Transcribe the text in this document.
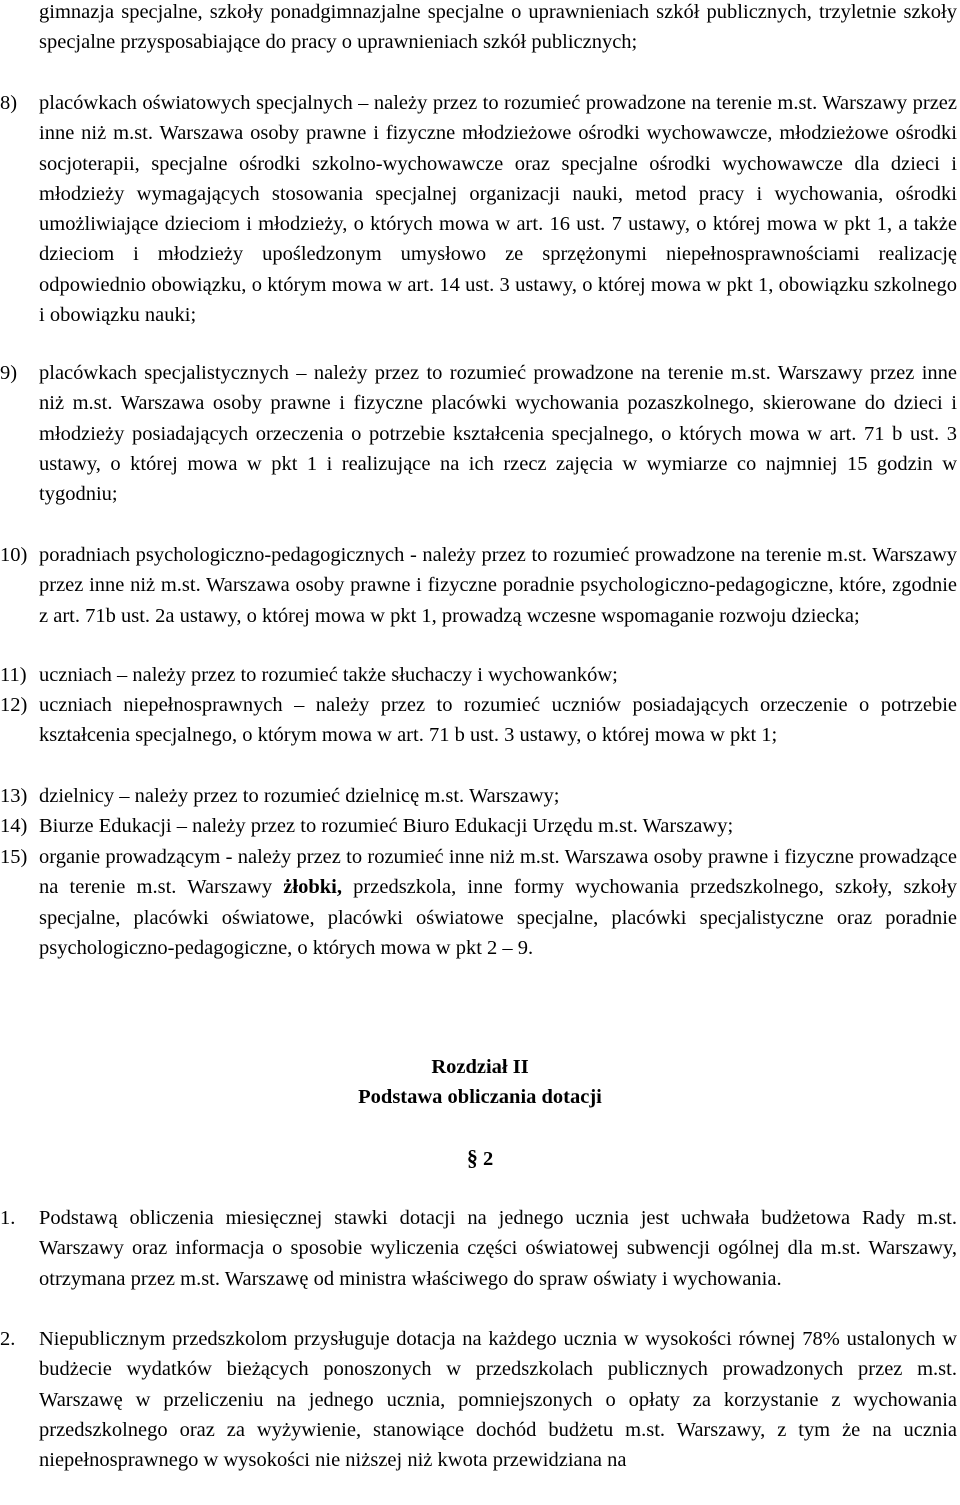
gimnazja specjalne, szkoły ponadgimnazjalne specjalne o uprawnieniach szkół publicznych, trzyletnie szkoły specjalne przysposabiające do pracy o uprawnieniach szkół publicznych;
8) placówkach oświatowych specjalnych – należy przez to rozumieć prowadzone na terenie m.st. Warszawy przez inne niż m.st. Warszawa osoby prawne i fizyczne młodzieżowe ośrodki wychowawcze, młodzieżowe ośrodki socjoterapii, specjalne ośrodki szkolno-wychowawcze oraz specjalne ośrodki wychowawcze dla dzieci i młodzieży wymagających stosowania specjalnej organizacji nauki, metod pracy i wychowania, ośrodki umożliwiające dzieciom i młodzieży, o których mowa w art. 16 ust. 7 ustawy, o której mowa w pkt 1, a także dzieciom i młodzieży upośledzonym umysłowo ze sprzężonymi niepełnosprawnościami realizację odpowiednio obowiązku, o którym mowa w art. 14 ust. 3 ustawy, o której mowa w pkt 1, obowiązku szkolnego i obowiązku nauki;
9) placówkach specjalistycznych – należy przez to rozumieć prowadzone na terenie m.st. Warszawy przez inne niż m.st. Warszawa osoby prawne i fizyczne placówki wychowania pozaszkolnego, skierowane do dzieci i młodzieży posiadających orzeczenia o potrzebie kształcenia specjalnego, o których mowa w art. 71 b ust. 3 ustawy, o której mowa w pkt 1 i realizujące na ich rzecz zajęcia w wymiarze co najmniej 15 godzin w tygodniu;
10) poradniach psychologiczno-pedagogicznych - należy przez to rozumieć prowadzone na terenie m.st. Warszawy przez inne niż m.st. Warszawa osoby prawne i fizyczne poradnie psychologiczno-pedagogiczne, które, zgodnie z art. 71b ust. 2a ustawy, o której mowa w pkt 1, prowadzą wczesne wspomaganie rozwoju dziecka;
11) uczniach – należy przez to rozumieć także słuchaczy i wychowanków;
12) uczniach niepełnosprawnych – należy przez to rozumieć uczniów posiadających orzeczenie o potrzebie kształcenia specjalnego, o którym mowa w art. 71 b ust. 3 ustawy, o której mowa w pkt 1;
13) dzielnicy – należy przez to rozumieć dzielnicę m.st. Warszawy;
14) Biurze Edukacji – należy przez to rozumieć Biuro Edukacji Urzędu m.st. Warszawy;
15) organie prowadzącym - należy przez to rozumieć inne niż m.st. Warszawa osoby prawne i fizyczne prowadzące na terenie m.st. Warszawy żłobki, przedszkola, inne formy wychowania przedszkolnego, szkoły, szkoły specjalne, placówki oświatowe, placówki oświatowe specjalne, placówki specjalistyczne oraz poradnie psychologiczno-pedagogiczne, o których mowa w pkt 2 – 9.
Rozdział II
Podstawa obliczania dotacji
§ 2
1. Podstawą obliczenia miesięcznej stawki dotacji na jednego ucznia jest uchwała budżetowa Rady m.st. Warszawy oraz informacja o sposobie wyliczenia części oświatowej subwencji ogólnej dla m.st. Warszawy, otrzymana przez m.st. Warszawę od ministra właściwego do spraw oświaty i wychowania.
2. Niepublicznym przedszkolom przysługuje dotacja na każdego ucznia w wysokości równej 78% ustalonych w budżecie wydatków bieżących ponoszonych w przedszkolach publicznych prowadzonych przez m.st. Warszawę w przeliczeniu na jednego ucznia, pomniejszonych o opłaty za korzystanie z wychowania przedszkolnego oraz za wyżywienie, stanowiące dochód budżetu m.st. Warszawy, z tym że na ucznia niepełnosprawnego w wysokości nie niższej niż kwota przewidziana na
